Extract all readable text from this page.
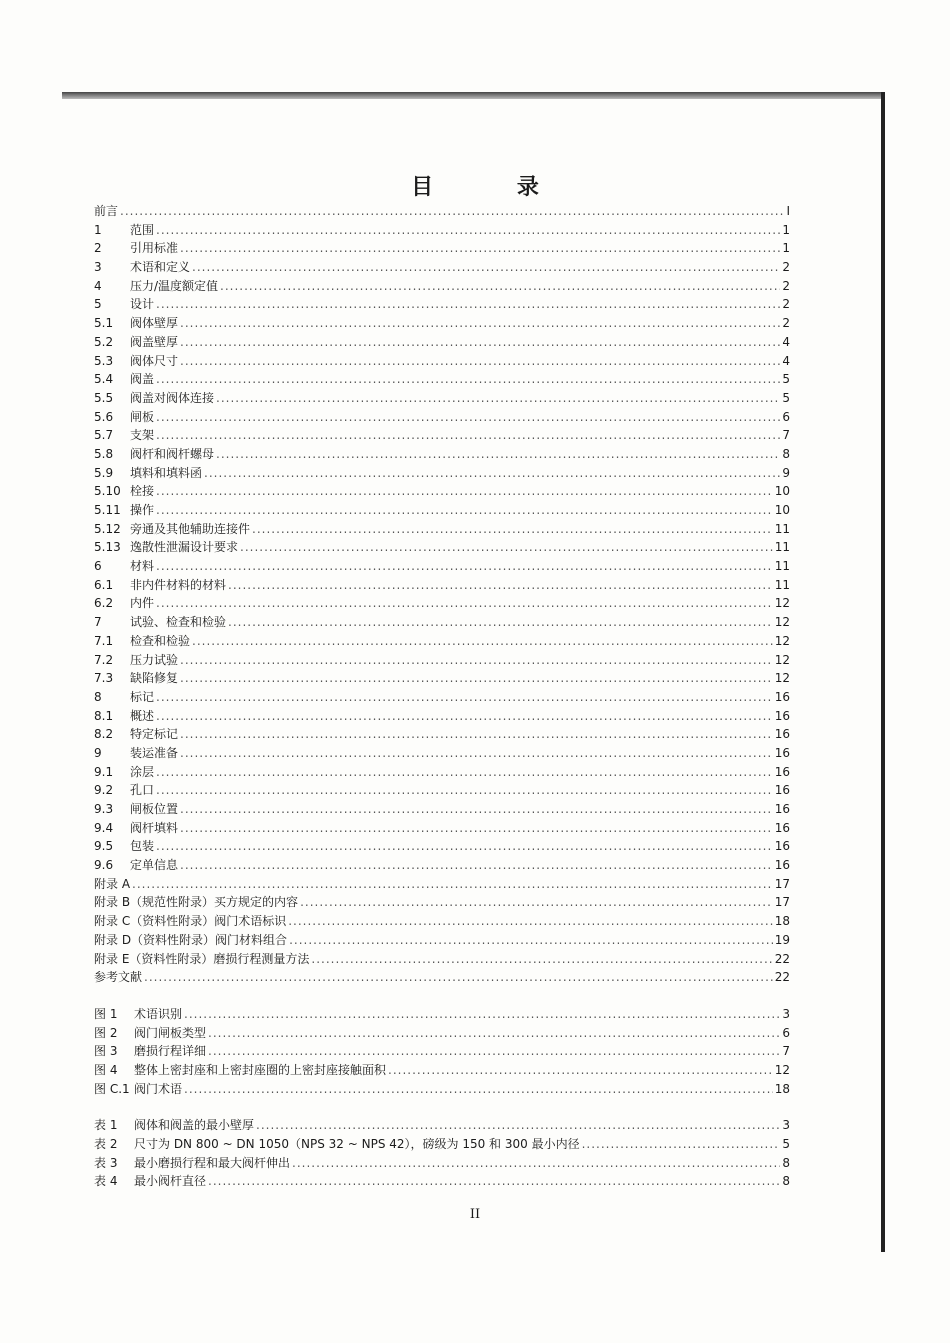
目 录
前言 .....	I
1	范围 .....	1
2	引用标准 .....	1
3	术语和定义 .....	2
4	压力/温度额定值 .....	2
5	设计 .....	2
5.1	阀体壁厚 .....	2
5.2	阀盖壁厚 .....	4
5.3	阀体尺寸 .....	4
5.4	阀盖 .....	5
5.5	阀盖对阀体连接 .....	5
5.6	闸板 .....	6
5.7	支架 .....	7
5.8	阀杆和阀杆螺母 .....	8
5.9	填料和填料函 .....	9
5.10 栓接 .....	10
5.11 操作 .....	10
5.12 旁通及其他辅助连接件 .....	11
5.13 逸散性泄漏设计要求 .....	11
6	材料 .....	11
6.1	非内件材料的材料 .....	11
6.2	内件 .....	12
7	试验、检查和检验 .....	12
7.1	检查和检验 .....	12
7.2	压力试验 .....	12
7.3	缺陷修复 .....	12
8	标记 .....	16
8.1	概述 .....	16
8.2	特定标记 .....	16
9	装运准备 .....	16
9.1	涂层 .....	16
9.2	孔口 .....	16
9.3	闸板位置 .....	16
9.4	阀杆填料 .....	16
9.5	包装 .....	16
9.6	定单信息 .....	16
附录 A .....	17
附录 B（规范性附录）买方规定的内容 .....	17
附录 C（资料性附录）阀门术语标识 .....	18
附录 D（资料性附录）阀门材料组合 .....	19
附录 E（资料性附录）磨损行程测量方法 .....	22
参考文献 .....	22
图 1	术语识别 .....	3
图 2	阀门闸板类型 .....	6
图 3	磨损行程详细 .....	7
图 4	整体上密封座和上密封座圈的上密封座接触面积 .....	12
图 C.1 阀门术语 .....	18
表 1	阀体和阀盖的最小壁厚 .....	3
表 2	尺寸为 DN 800 ~ DN 1050（NPS 32 ~ NPS 42），磅级为 150 和 300 最小内径 .....	5
表 3	最小磨损行程和最大阀杆伸出 .....	8
表 4	最小阀杆直径 .....	8
II
